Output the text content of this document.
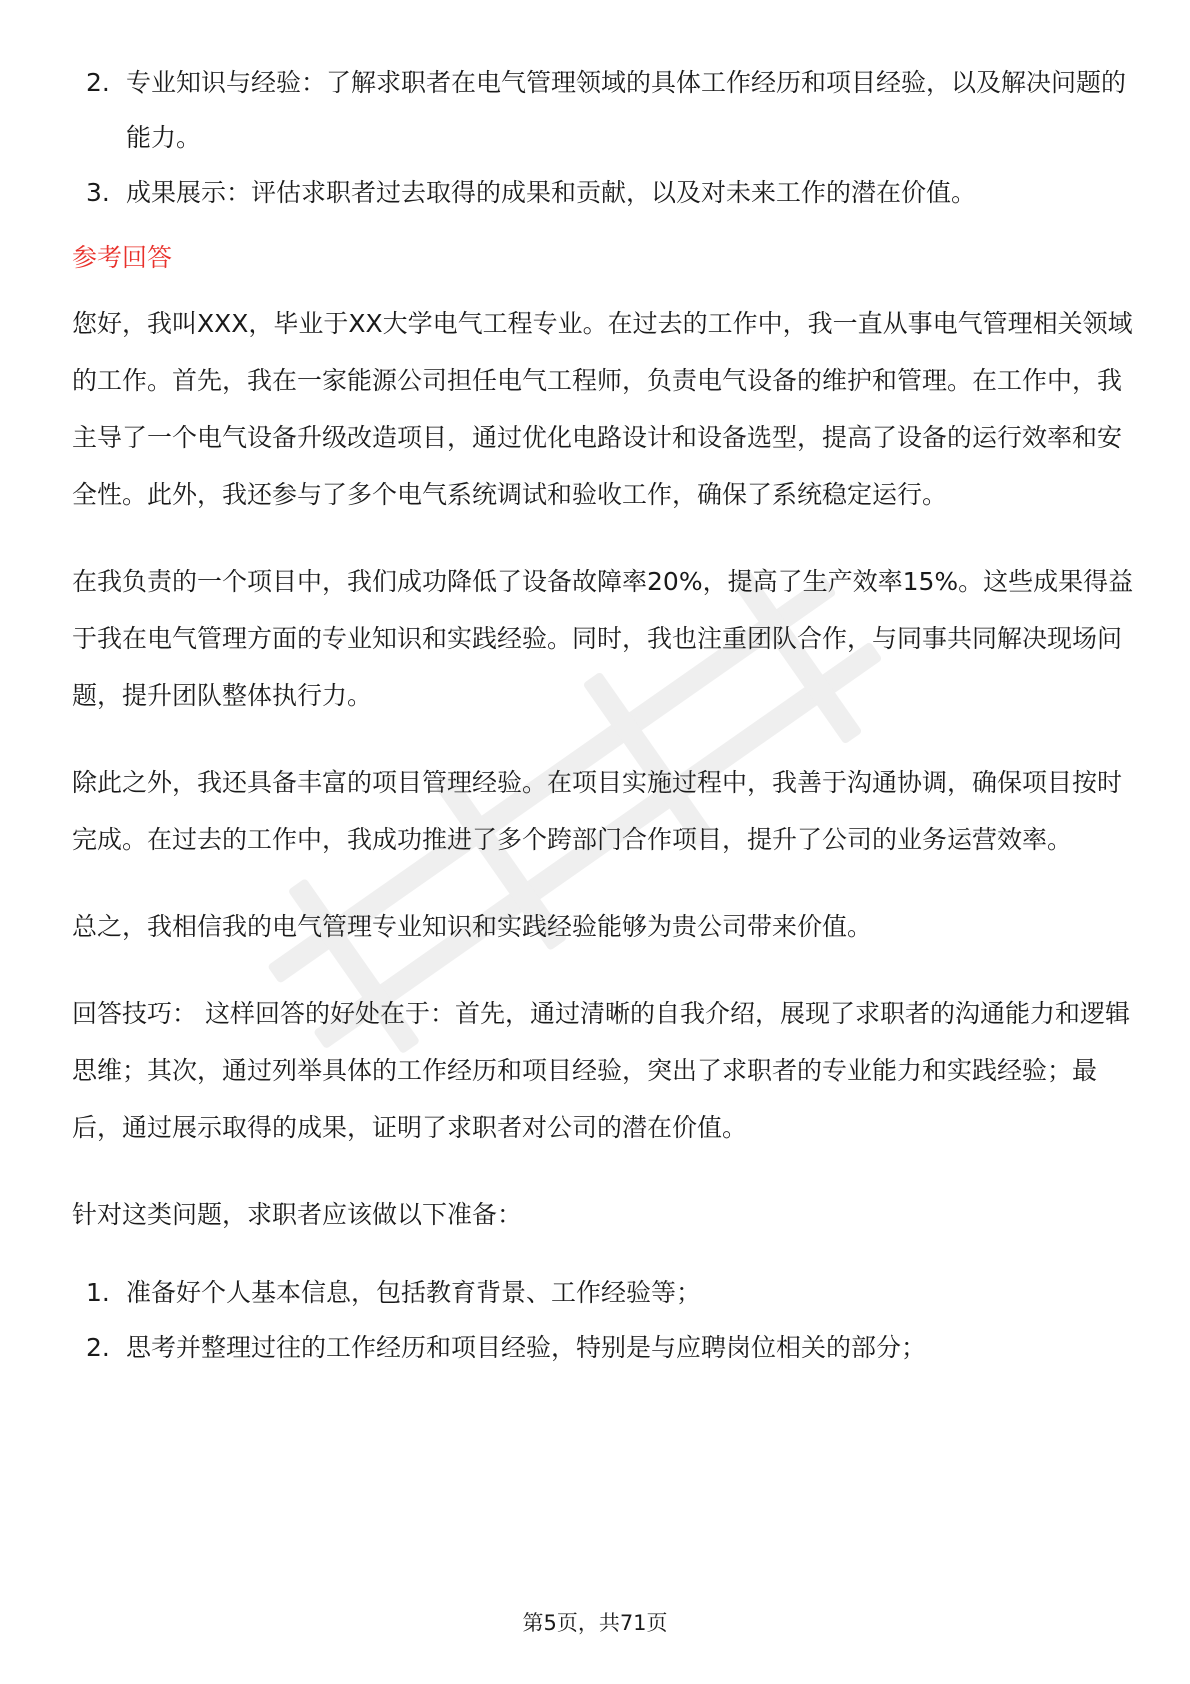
2. 专业知识与经验：了解求职者在电气管理领域的具体工作经历和项目经验，以及解决问题的能力。
3. 成果展示：评估求职者过去取得的成果和贡献，以及对未来工作的潜在价值。
参考回答

您好，我叫XXX，毕业于XX大学电气工程专业。在过去的工作中，我一直从事电气管理相关领域的工作。首先，我在一家能源公司担任电气工程师，负责电气设备的维护和管理。在工作中，我主导了一个电气设备升级改造项目，通过优化电路设计和设备选型，提高了设备的运行效率和安全性。此外，我还参与了多个电气系统调试和验收工作，确保了系统稳定运行。

在我负责的一个项目中，我们成功降低了设备故障率20%，提高了生产效率15%。这些成果得益于我在电气管理方面的专业知识和实践经验。同时，我也注重团队合作，与同事共同解决现场问题，提升团队整体执行力。

除此之外，我还具备丰富的项目管理经验。在项目实施过程中，我善于沟通协调，确保项目按时完成。在过去的工作中，我成功推进了多个跨部门合作项目，提升了公司的业务运营效率。

总之，我相信我的电气管理专业知识和实践经验能够为贵公司带来价值。

回答技巧： 这样回答的好处在于：首先，通过清晰的自我介绍，展现了求职者的沟通能力和逻辑思维；其次，通过列举具体的工作经历和项目经验，突出了求职者的专业能力和实践经验；最后，通过展示取得的成果，证明了求职者对公司的潜在价值。

针对这类问题，求职者应该做以下准备：

1. 准备好个人基本信息，包括教育背景、工作经验等；
2. 思考并整理过往的工作经历和项目经验，特别是与应聘岗位相关的部分；
第5页，共71页
